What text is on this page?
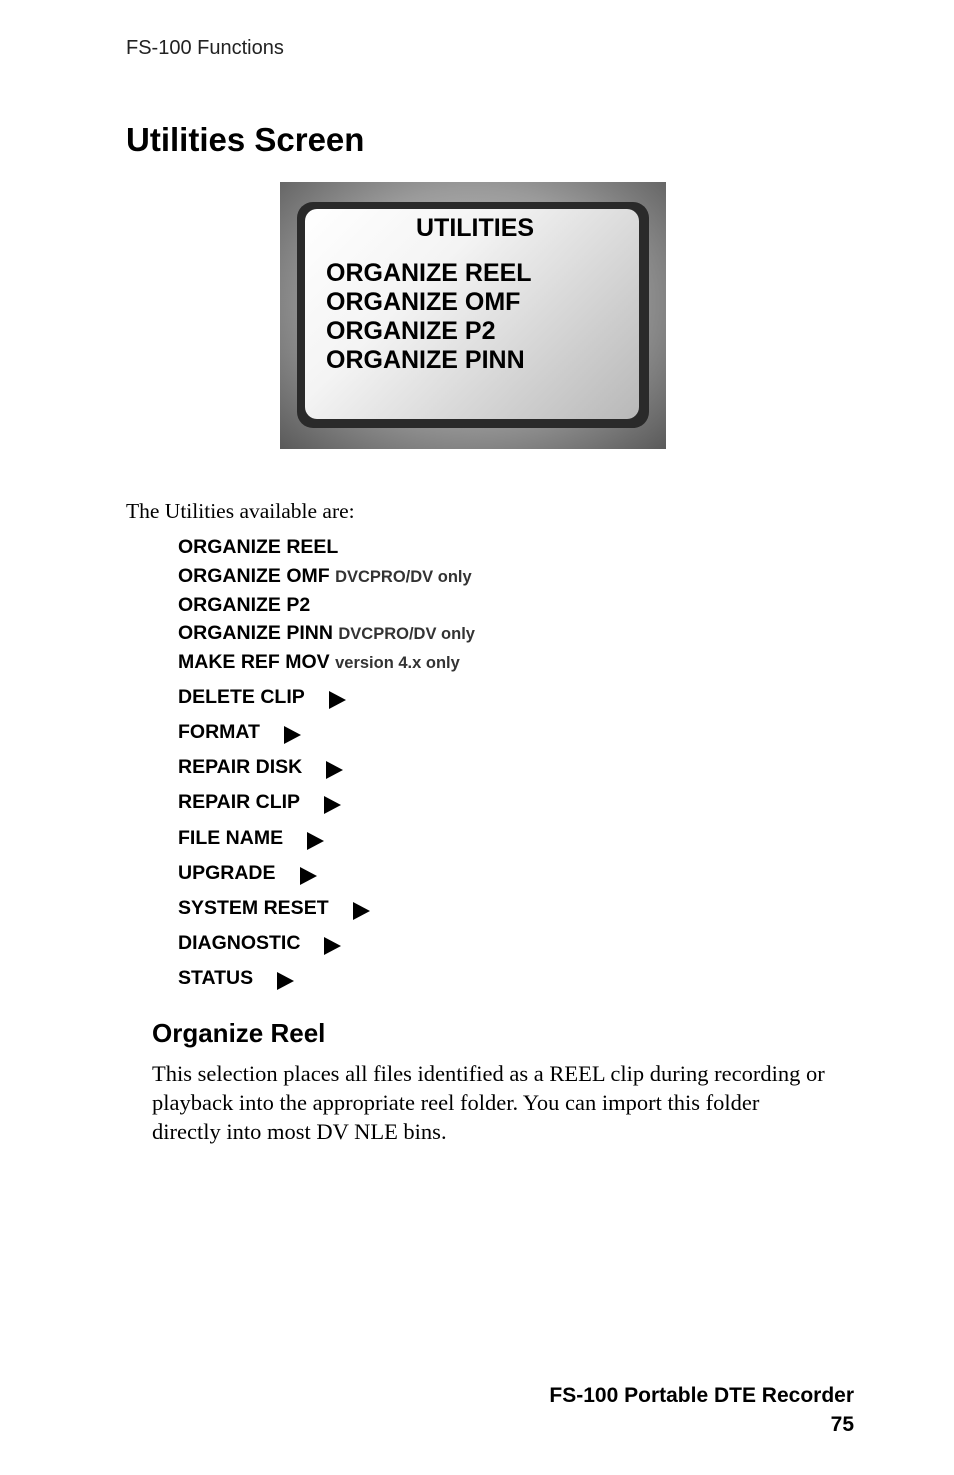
FS-100 Functions
Utilities Screen
UTILITIES
ORGANIZE REEL
ORGANIZE OMF
ORGANIZE P2
ORGANIZE PINN
The Utilities available are:
ORGANIZE REEL
ORGANIZE OMF DVCPRO/DV only
ORGANIZE P2
ORGANIZE PINN DVCPRO/DV only
MAKE REF MOV version 4.x only
DELETE CLIP
FORMAT
REPAIR DISK
REPAIR CLIP
FILE NAME
UPGRADE
SYSTEM RESET
DIAGNOSTIC
STATUS
Organize Reel

This selection places all files identified as a REEL clip during recording or playback into the appropriate reel folder. You can import this folder directly into most DV NLE bins.

FS-100 Portable DTE Recorder
75
